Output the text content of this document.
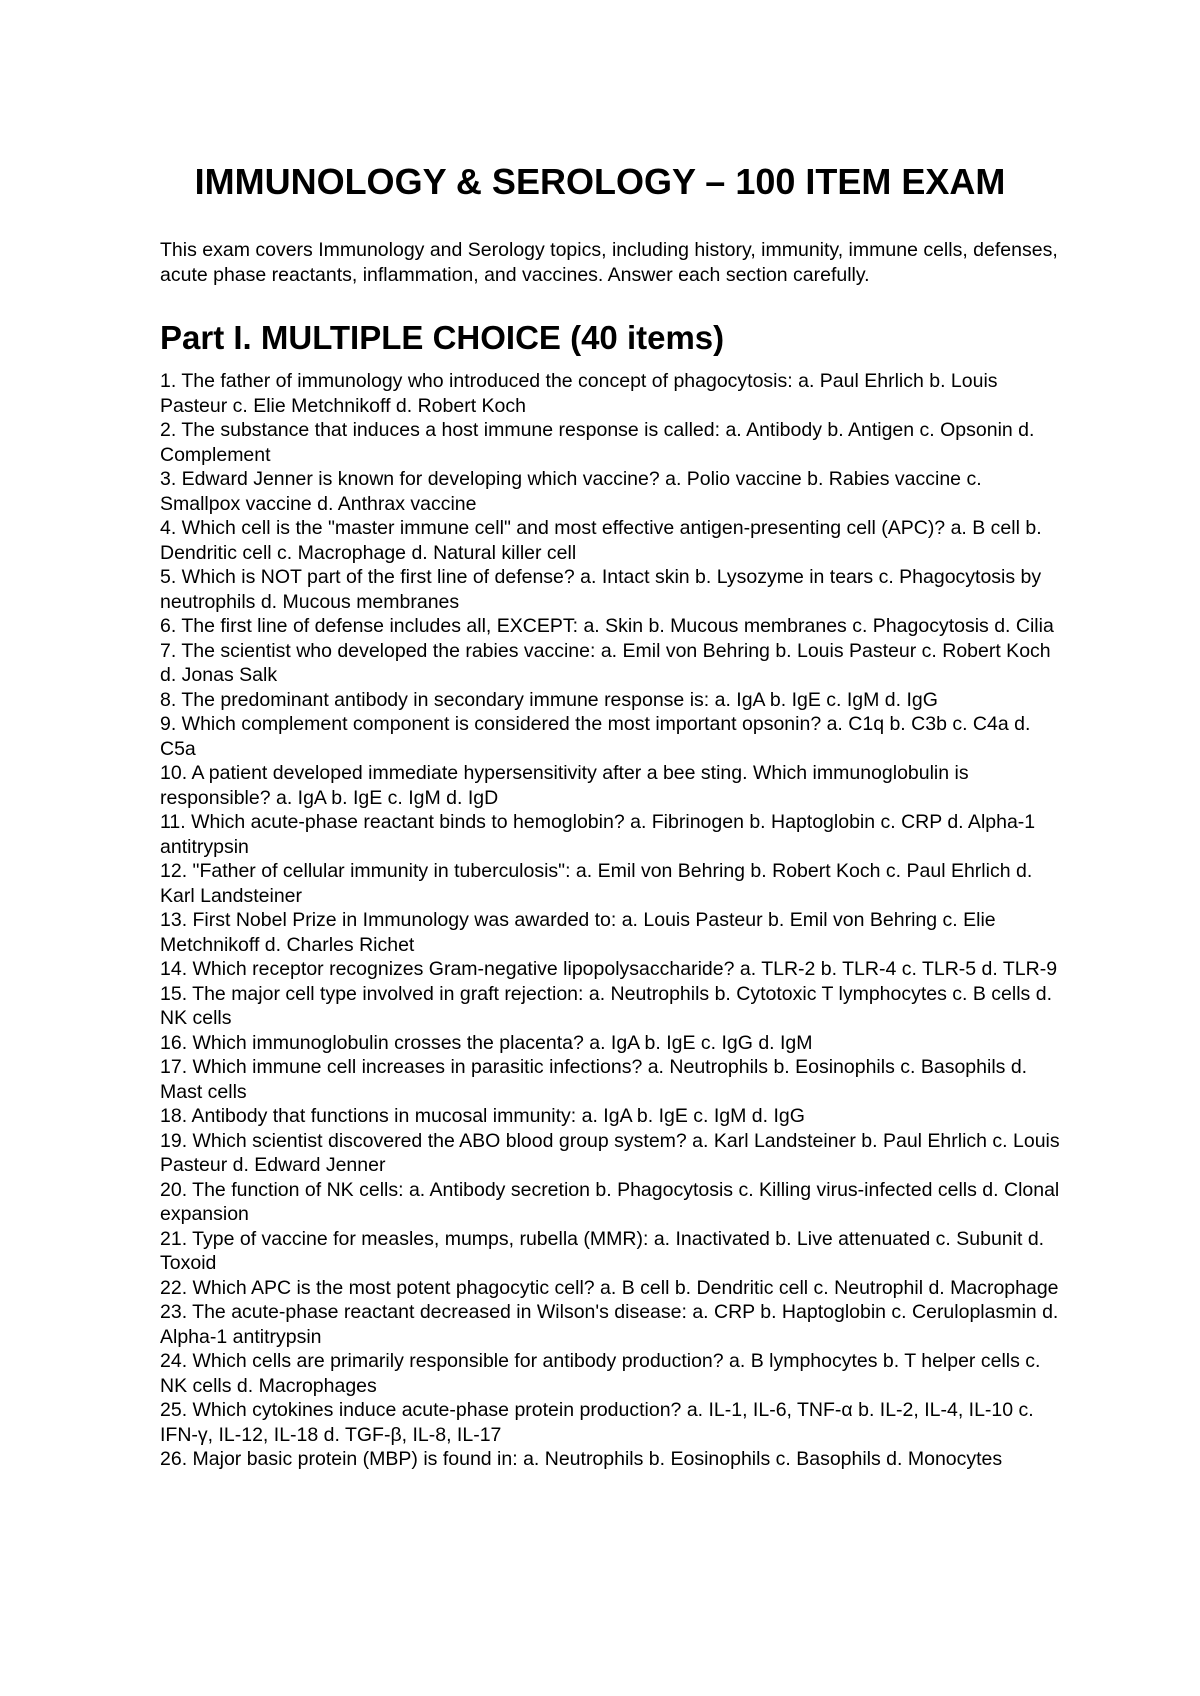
IMMUNOLOGY & SEROLOGY – 100 ITEM EXAM
This exam covers Immunology and Serology topics, including history, immunity, immune cells, defenses, acute phase reactants, inflammation, and vaccines. Answer each section carefully.
Part I. MULTIPLE CHOICE (40 items)
1. The father of immunology who introduced the concept of phagocytosis: a. Paul Ehrlich b. Louis Pasteur c. Elie Metchnikoff d. Robert Koch
2. The substance that induces a host immune response is called: a. Antibody b. Antigen c. Opsonin d. Complement
3. Edward Jenner is known for developing which vaccine? a. Polio vaccine b. Rabies vaccine c. Smallpox vaccine d. Anthrax vaccine
4. Which cell is the "master immune cell" and most effective antigen-presenting cell (APC)? a. B cell b. Dendritic cell c. Macrophage d. Natural killer cell
5. Which is NOT part of the first line of defense? a. Intact skin b. Lysozyme in tears c. Phagocytosis by neutrophils d. Mucous membranes
6. The first line of defense includes all, EXCEPT: a. Skin b. Mucous membranes c. Phagocytosis d. Cilia
7. The scientist who developed the rabies vaccine: a. Emil von Behring b. Louis Pasteur c. Robert Koch d. Jonas Salk
8. The predominant antibody in secondary immune response is: a. IgA b. IgE c. IgM d. IgG
9. Which complement component is considered the most important opsonin? a. C1q b. C3b c. C4a d. C5a
10. A patient developed immediate hypersensitivity after a bee sting. Which immunoglobulin is responsible? a. IgA b. IgE c. IgM d. IgD
11. Which acute-phase reactant binds to hemoglobin? a. Fibrinogen b. Haptoglobin c. CRP d. Alpha-1 antitrypsin
12. "Father of cellular immunity in tuberculosis": a. Emil von Behring b. Robert Koch c. Paul Ehrlich d. Karl Landsteiner
13. First Nobel Prize in Immunology was awarded to: a. Louis Pasteur b. Emil von Behring c. Elie Metchnikoff d. Charles Richet
14. Which receptor recognizes Gram-negative lipopolysaccharide? a. TLR-2 b. TLR-4 c. TLR-5 d. TLR-9
15. The major cell type involved in graft rejection: a. Neutrophils b. Cytotoxic T lymphocytes c. B cells d. NK cells
16. Which immunoglobulin crosses the placenta? a. IgA b. IgE c. IgG d. IgM
17. Which immune cell increases in parasitic infections? a. Neutrophils b. Eosinophils c. Basophils d. Mast cells
18. Antibody that functions in mucosal immunity: a. IgA b. IgE c. IgM d. IgG
19. Which scientist discovered the ABO blood group system? a. Karl Landsteiner b. Paul Ehrlich c. Louis Pasteur d. Edward Jenner
20. The function of NK cells: a. Antibody secretion b. Phagocytosis c. Killing virus-infected cells d. Clonal expansion
21. Type of vaccine for measles, mumps, rubella (MMR): a. Inactivated b. Live attenuated c. Subunit d. Toxoid
22. Which APC is the most potent phagocytic cell? a. B cell b. Dendritic cell c. Neutrophil d. Macrophage
23. The acute-phase reactant decreased in Wilson's disease: a. CRP b. Haptoglobin c. Ceruloplasmin d. Alpha-1 antitrypsin
24. Which cells are primarily responsible for antibody production? a. B lymphocytes b. T helper cells c. NK cells d. Macrophages
25. Which cytokines induce acute-phase protein production? a. IL-1, IL-6, TNF-α b. IL-2, IL-4, IL-10 c. IFN-γ, IL-12, IL-18 d. TGF-β, IL-8, IL-17
26. Major basic protein (MBP) is found in: a. Neutrophils b. Eosinophils c. Basophils d. Monocytes
